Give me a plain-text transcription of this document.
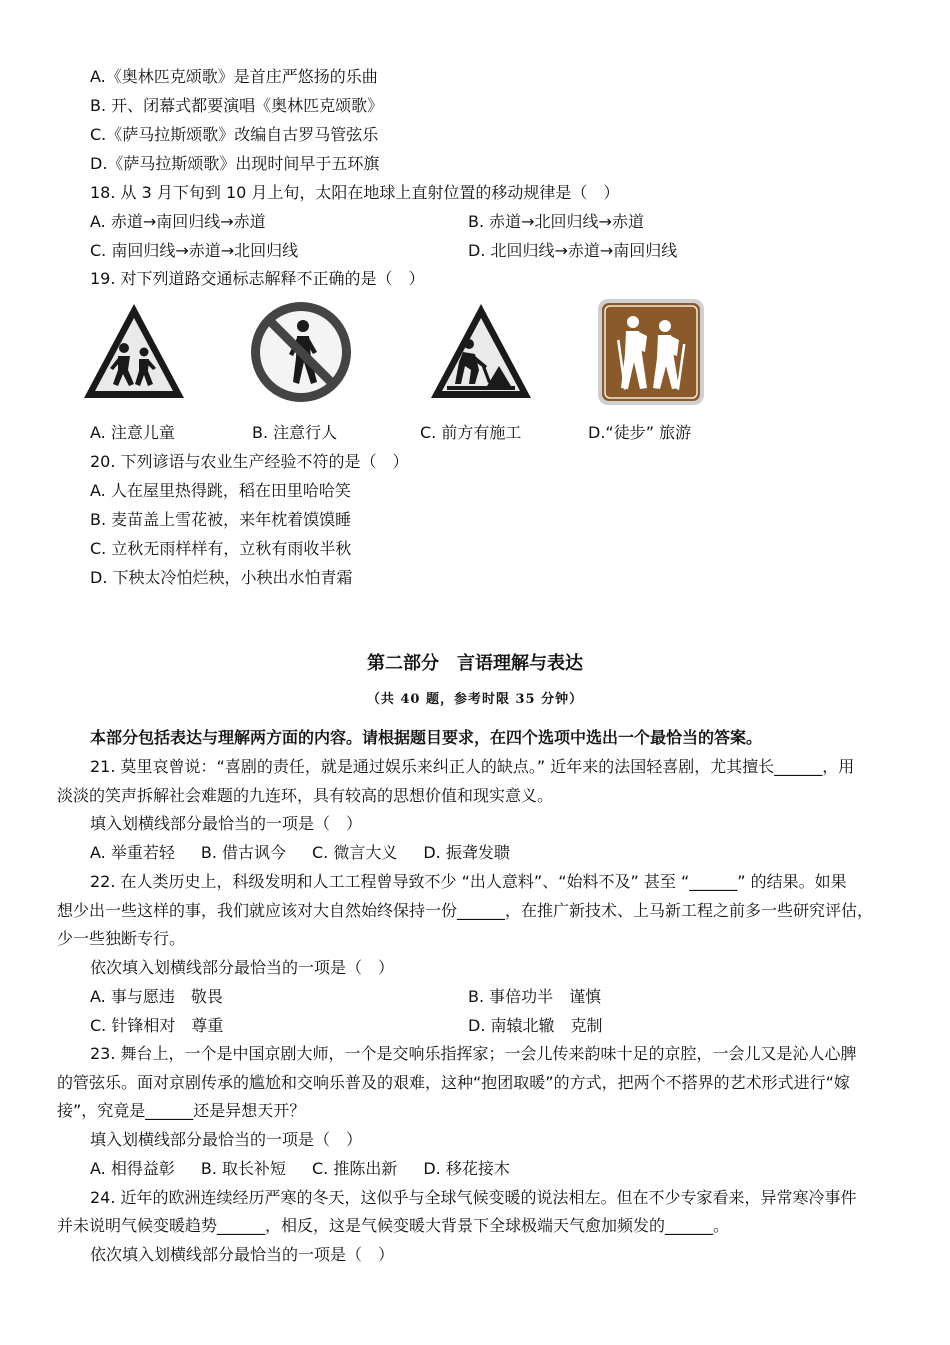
A.《奥林匹克颂歌》是首庄严悠扬的乐曲
B. 开、闭幕式都要演唱《奥林匹克颂歌》
C.《萨马拉斯颂歌》改编自古罗马管弦乐
D.《萨马拉斯颂歌》出现时间早于五环旗
18. 从 3 月下旬到 10 月上旬，太阳在地球上直射位置的移动规律是（　）
A. 赤道→南回归线→赤道	B. 赤道→北回归线→赤道
C. 南回归线→赤道→北回归线	D. 北回归线→赤道→南回归线
19. 对下列道路交通标志解释不正确的是（　）
A. 注意儿童	B. 注意行人	C. 前方有施工	D.“徒步” 旅游
20. 下列谚语与农业生产经验不符的是（　）
A. 人在屋里热得跳，稻在田里哈哈笑
B. 麦苗盖上雪花被，来年枕着馍馍睡
C. 立秋无雨样样有，立秋有雨收半秋
D. 下秧太冷怕烂秧，小秧出水怕青霜
第二部分　言语理解与表达
（共 40 题，参考时限 35 分钟）
本部分包括表达与理解两方面的内容。请根据题目要求，在四个选项中选出一个最恰当的答案。
21. 莫里哀曾说：“喜剧的责任，就是通过娱乐来纠正人的缺点。” 近年来的法国轻喜剧，尤其擅长______，用
淡淡的笑声拆解社会难题的九连环，具有较高的思想价值和现实意义。
填入划横线部分最恰当的一项是（　）
A. 举重若轻 B. 借古讽今 C. 微言大义 D. 振聋发聩
22. 在人类历史上，科级发明和人工工程曾导致不少 “出人意料”、“始料不及” 甚至 “______” 的结果。如果
想少出一些这样的事，我们就应该对大自然始终保持一份______，在推广新技术、上马新工程之前多一些研究评估，
少一些独断专行。
依次填入划横线部分最恰当的一项是（　）
A. 事与愿违　敬畏	B. 事倍功半　谨慎
C. 针锋相对　尊重	D. 南辕北辙　克制
23. 舞台上，一个是中国京剧大师，一个是交响乐指挥家；一会儿传来韵味十足的京腔，一会儿又是沁人心脾
的管弦乐。面对京剧传承的尴尬和交响乐普及的艰难，这种“抱团取暖”的方式，把两个不搭界的艺术形式进行“嫁
接”，究竟是______还是异想天开？
填入划横线部分最恰当的一项是（　）
A. 相得益彰 B. 取长补短 C. 推陈出新 D. 移花接木
24. 近年的欧洲连续经历严寒的冬天，这似乎与全球气候变暖的说法相左。但在不少专家看来，异常寒冷事件
并未说明气候变暖趋势______，相反，这是气候变暖大背景下全球极端天气愈加频发的______。
依次填入划横线部分最恰当的一项是（　）
